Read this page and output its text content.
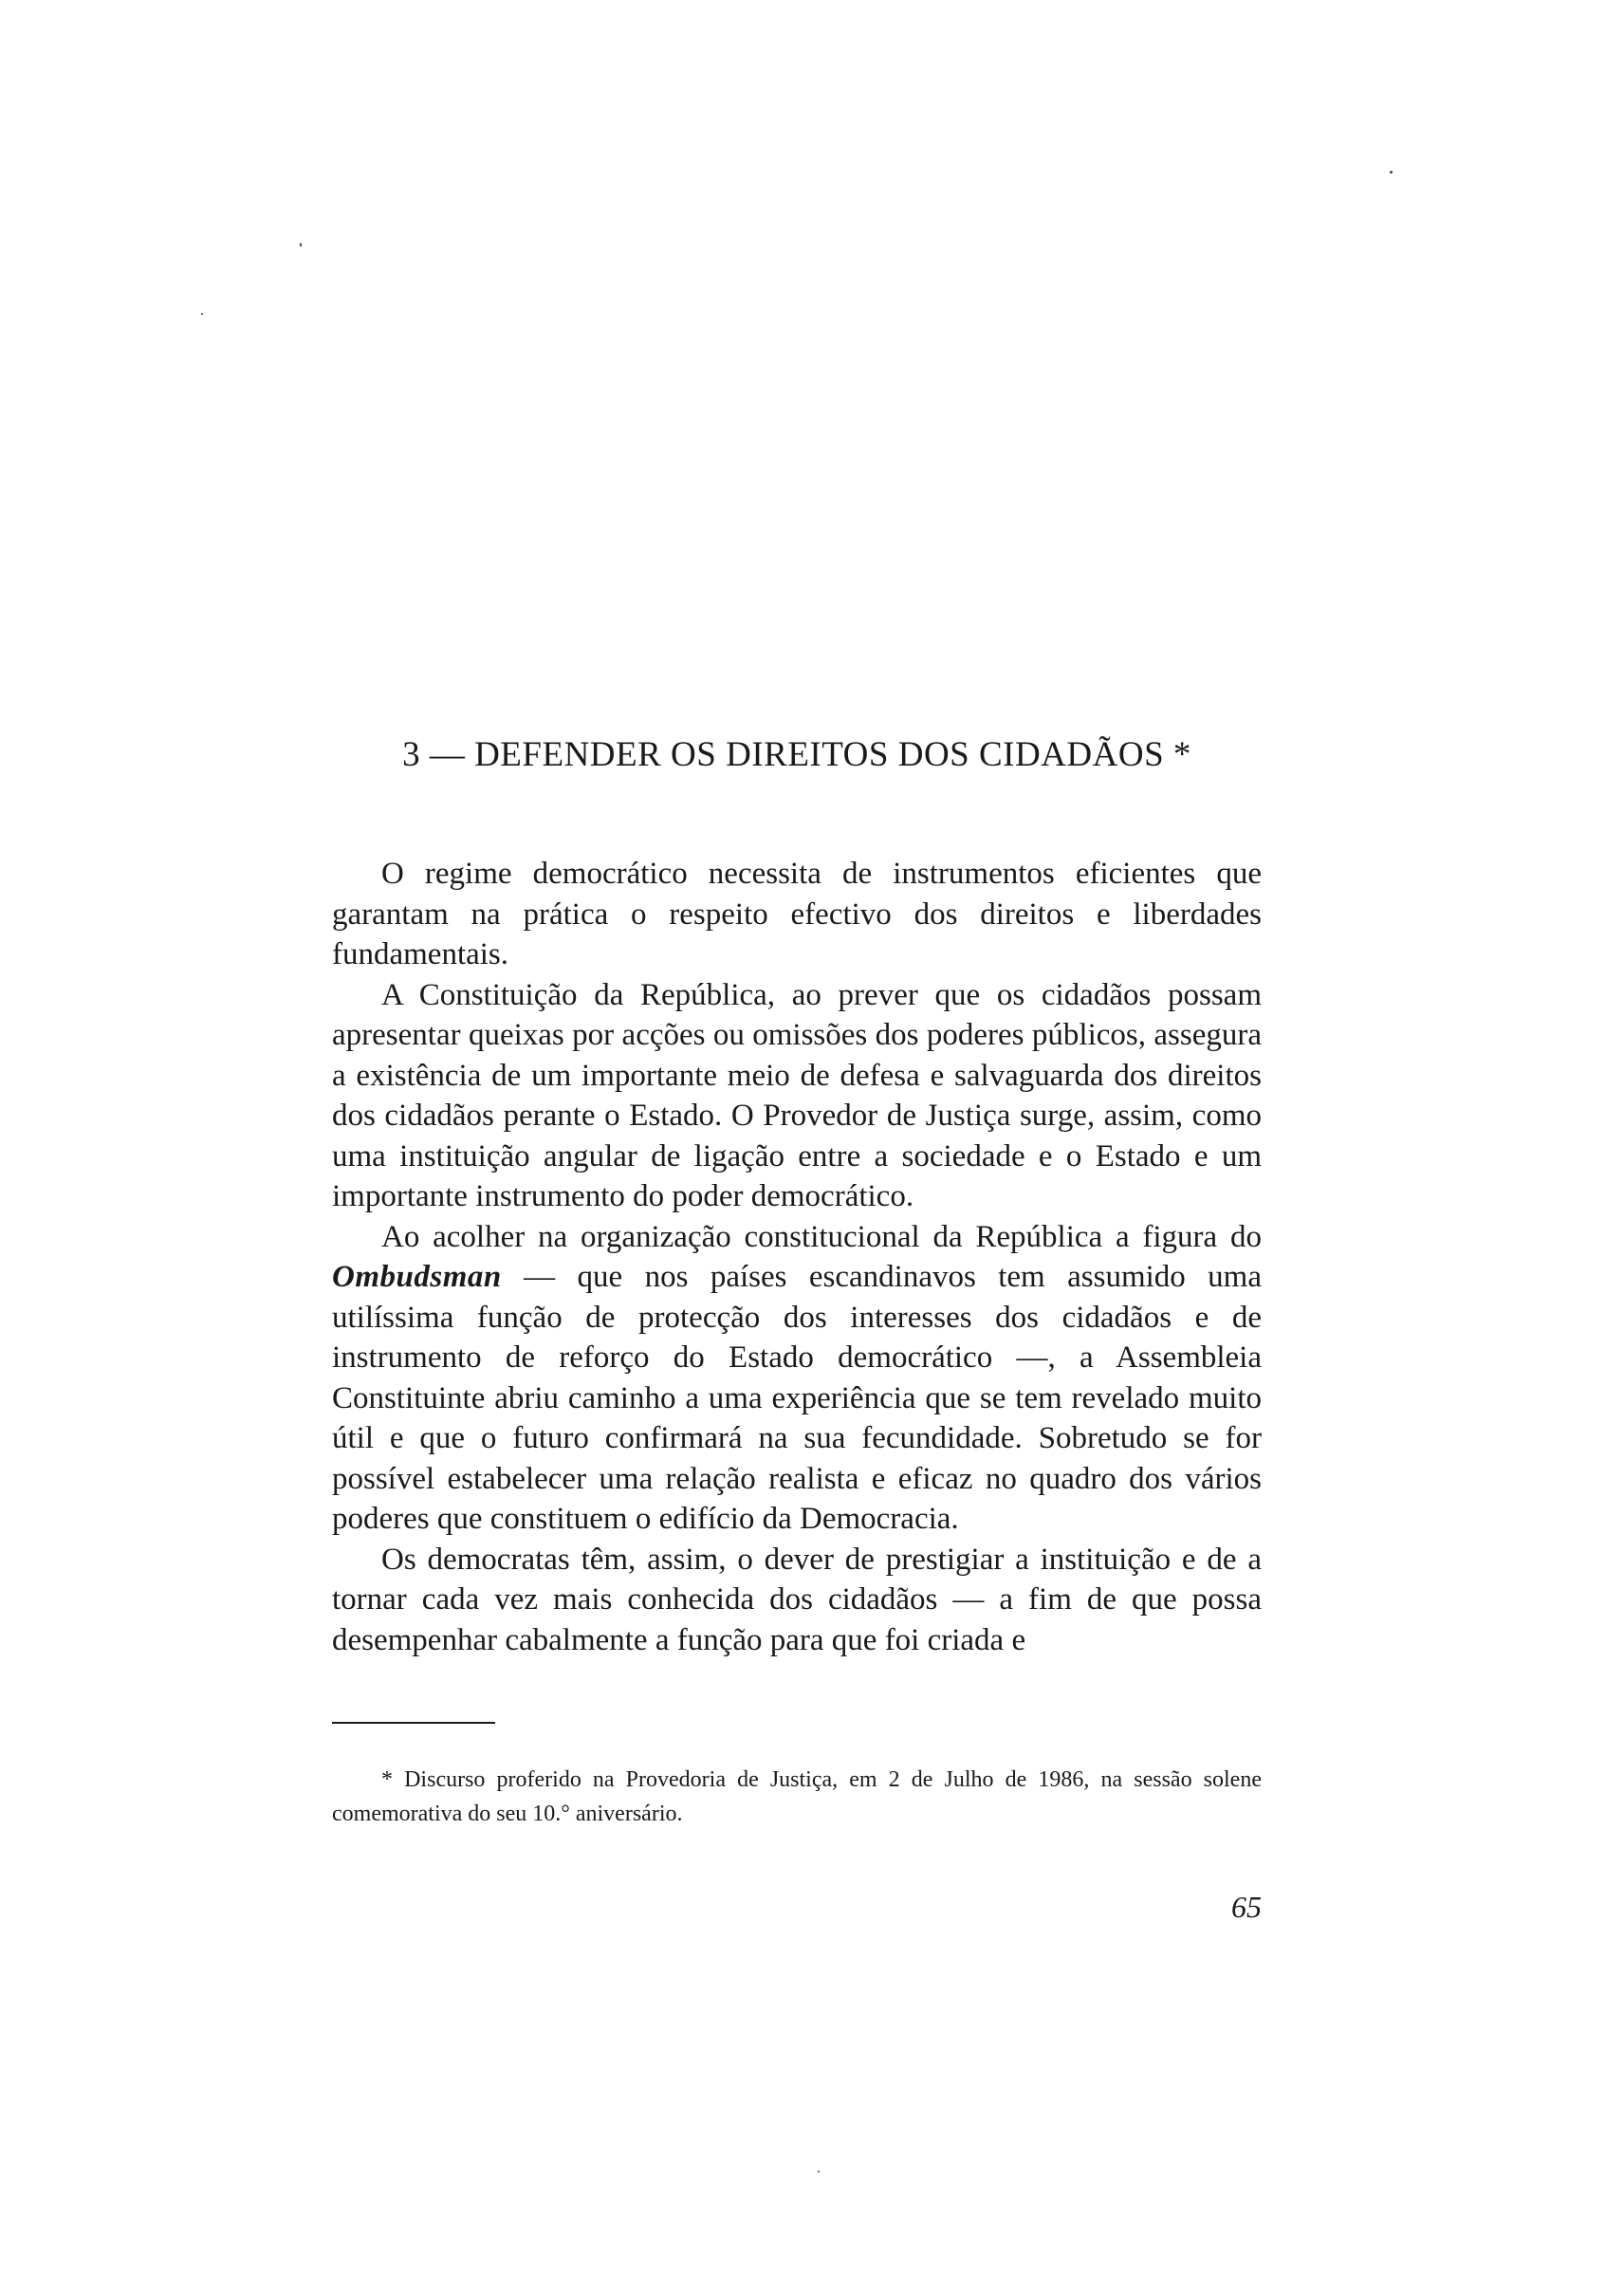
3 — DEFENDER OS DIREITOS DOS CIDADÃOS *

O regime democrático necessita de instrumentos eficientes que garantam na prática o respeito efectivo dos direitos e liberdades fundamentais.

A Constituição da República, ao prever que os cidadãos possam apresentar queixas por acções ou omissões dos poderes públicos, assegura a existência de um importante meio de defesa e salvaguarda dos direitos dos cidadãos perante o Estado. O Provedor de Justiça surge, assim, como uma instituição angular de ligação entre a sociedade e o Estado e um importante instrumento do poder democrático.

Ao acolher na organização constitucional da República a figura do Ombudsman — que nos países escandinavos tem assumido uma utilíssima função de protecção dos interesses dos cidadãos e de instrumento de reforço do Estado democrático —, a Assembleia Constituinte abriu caminho a uma experiência que se tem revelado muito útil e que o futuro confirmará na sua fecundidade. Sobretudo se for possível estabelecer uma relação realista e eficaz no quadro dos vários poderes que constituem o edifício da Democracia.

Os democratas têm, assim, o dever de prestigiar a instituição e de a tornar cada vez mais conhecida dos cidadãos — a fim de que possa desempenhar cabalmente a função para que foi criada e

* Discurso proferido na Provedoria de Justiça, em 2 de Julho de 1986, na sessão solene comemorativa do seu 10.° aniversário.

65
